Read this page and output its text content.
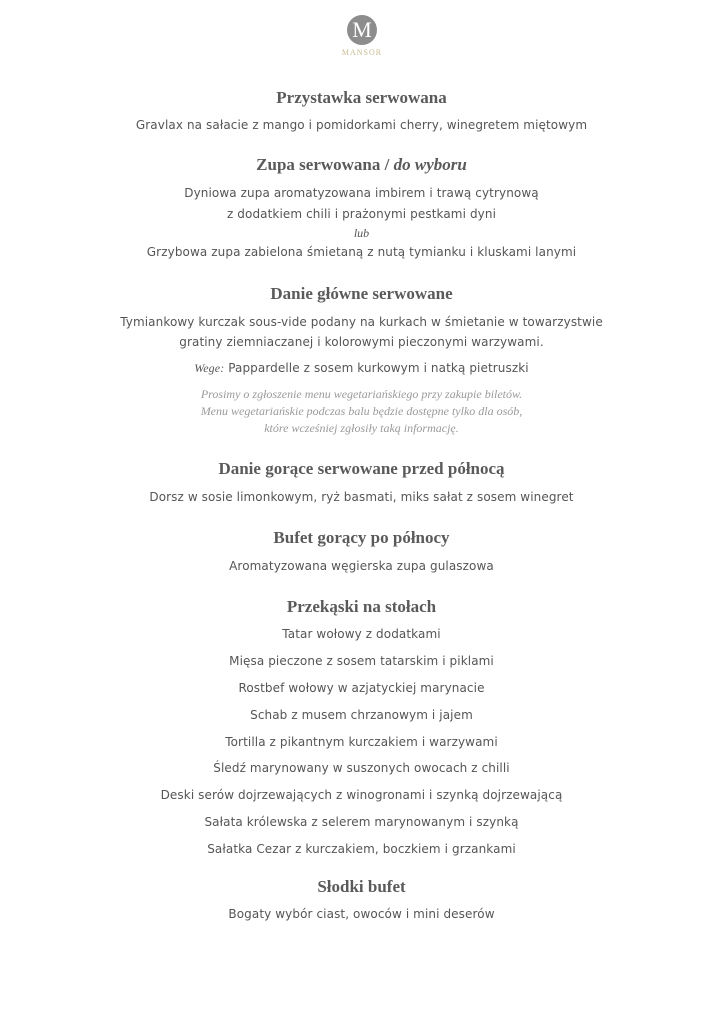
M
MANSOR
Przystawka serwowana
Gravlax na sałacie z mango i pomidorkami cherry, winegretem miętowym
Zupa serwowana / do wyboru
Dyniowa zupa aromatyzowana imbirem i trawą cytrynową
z dodatkiem chili i prażonymi pestkami dyni
lub
Grzybowa zupa zabielona śmietaną z nutą tymianku i kluskami lanymi
Danie główne serwowane
Tymiankowy kurczak sous-vide podany na kurkach w śmietanie w towarzystwie
gratiny ziemniaczanej i kolorowymi pieczonymi warzywami.
Wege: Pappardelle z sosem kurkowym i natką pietruszki
Prosimy o zgłoszenie menu wegetariańskiego przy zakupie biletów.
Menu wegetariańskie podczas balu będzie dostępne tylko dla osób,
które wcześniej zgłosiły taką informację.
Danie gorące serwowane przed północą
Dorsz w sosie limonkowym, ryż basmati, miks sałat z sosem winegret
Bufet gorący po północy
Aromatyzowana węgierska zupa gulaszowa
Przekąski na stołach
Tatar wołowy z dodatkami
Mięsa pieczone z sosem tatarskim i piklami
Rostbef wołowy w azjatyckiej marynacie
Schab z musem chrzanowym i jajem
Tortilla z pikantnym kurczakiem i warzywami
Śledź marynowany w suszonych owocach z chilli
Deski serów dojrzewających z winogronami i szynką dojrzewającą
Sałata królewska z selerem marynowanym i szynką
Sałatka Cezar z kurczakiem, boczkiem i grzankami
Słodki bufet
Bogaty wybór ciast, owoców i mini deserów
